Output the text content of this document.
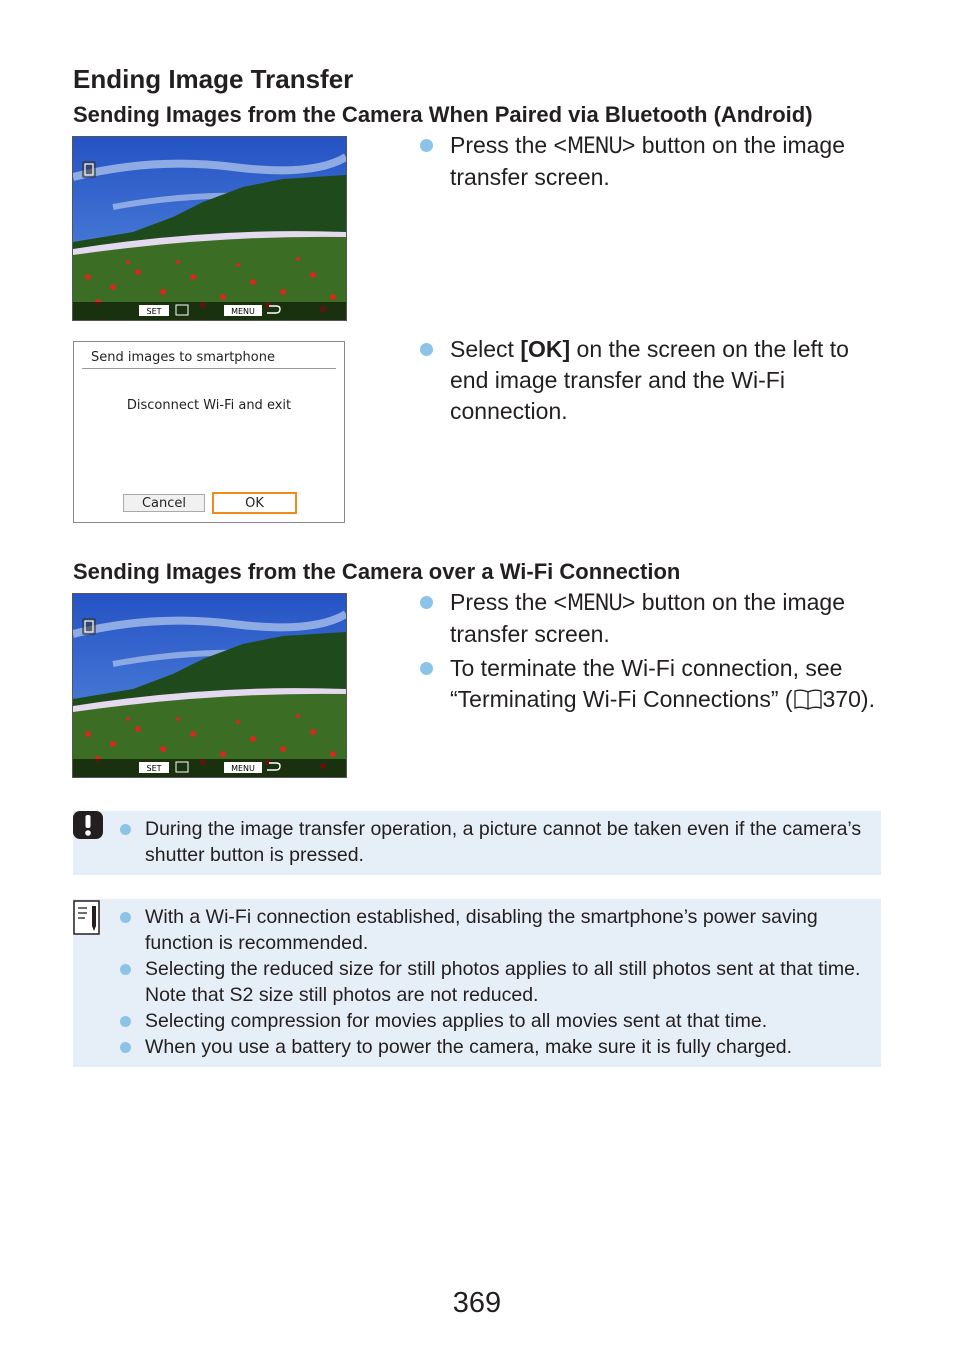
Ending Image Transfer
Sending Images from the Camera When Paired via Bluetooth (Android)
SET	MENU
Press the <MENU> button on the image transfer screen.
Send images to smartphone
Disconnect Wi-Fi and exit
Cancel	OK
Select [OK] on the screen on the left to end image transfer and the Wi-Fi connection.
Sending Images from the Camera over a Wi-Fi Connection
SET	MENU
Press the <MENU> button on the image transfer screen.
To terminate the Wi-Fi connection, see “Terminating Wi-Fi Connections” ( 370).
During the image transfer operation, a picture cannot be taken even if the camera’s shutter button is pressed.
With a Wi-Fi connection established, disabling the smartphone’s power saving function is recommended.
Selecting the reduced size for still photos applies to all still photos sent at that time. Note that S2 size still photos are not reduced.
Selecting compression for movies applies to all movies sent at that time.
When you use a battery to power the camera, make sure it is fully charged.
369
